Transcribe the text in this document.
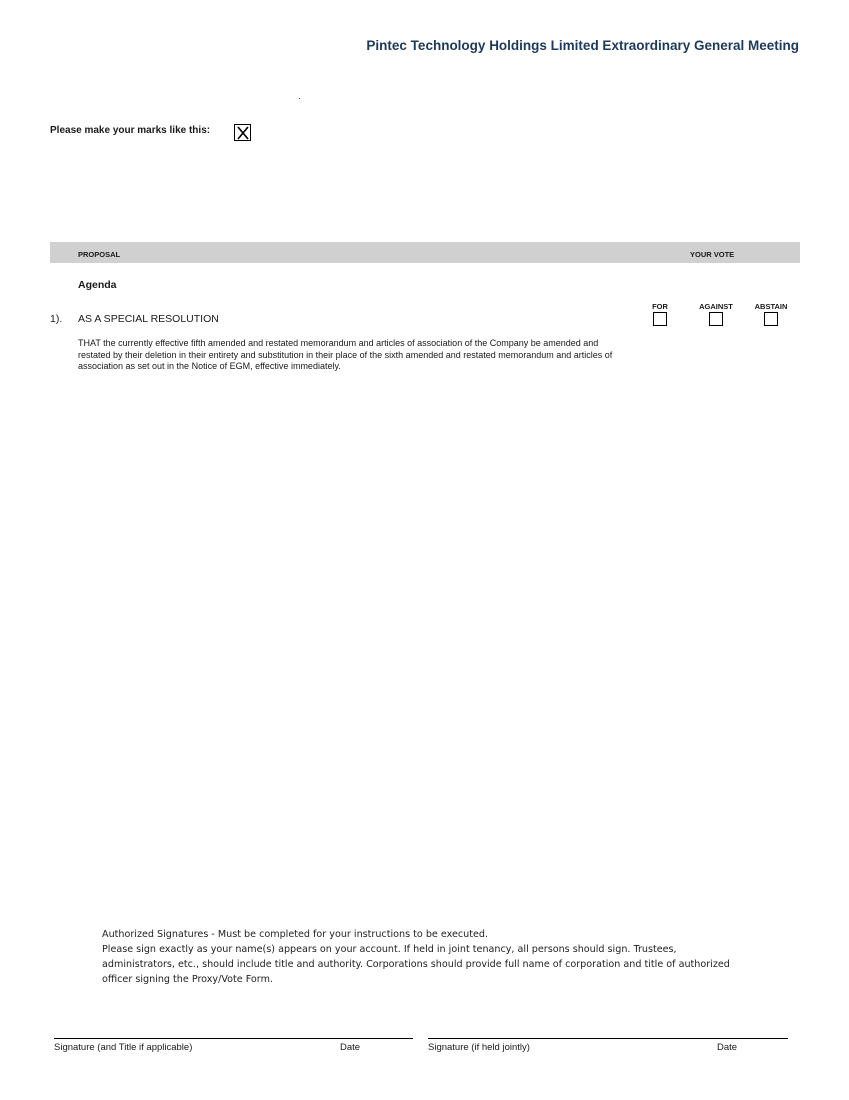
Pintec Technology Holdings Limited Extraordinary General Meeting
Please make your marks like this:
PROPOSAL	YOUR VOTE
Agenda
1). AS A SPECIAL RESOLUTION
THAT the currently effective fifth amended and restated memorandum and articles of association of the Company be amended and restated by their deletion in their entirety and substitution in their place of the sixth amended and restated memorandum and articles of association as set out in the Notice of EGM, effective immediately.
FOR	AGAINST	ABSTAIN
Authorized Signatures - Must be completed for your instructions to be executed.
Please sign exactly as your name(s) appears on your account. If held in joint tenancy, all persons should sign. Trustees, administrators, etc., should include title and authority. Corporations should provide full name of corporation and title of authorized officer signing the Proxy/Vote Form.
Signature (and Title if applicable)	Date	Signature (if held jointly)	Date
